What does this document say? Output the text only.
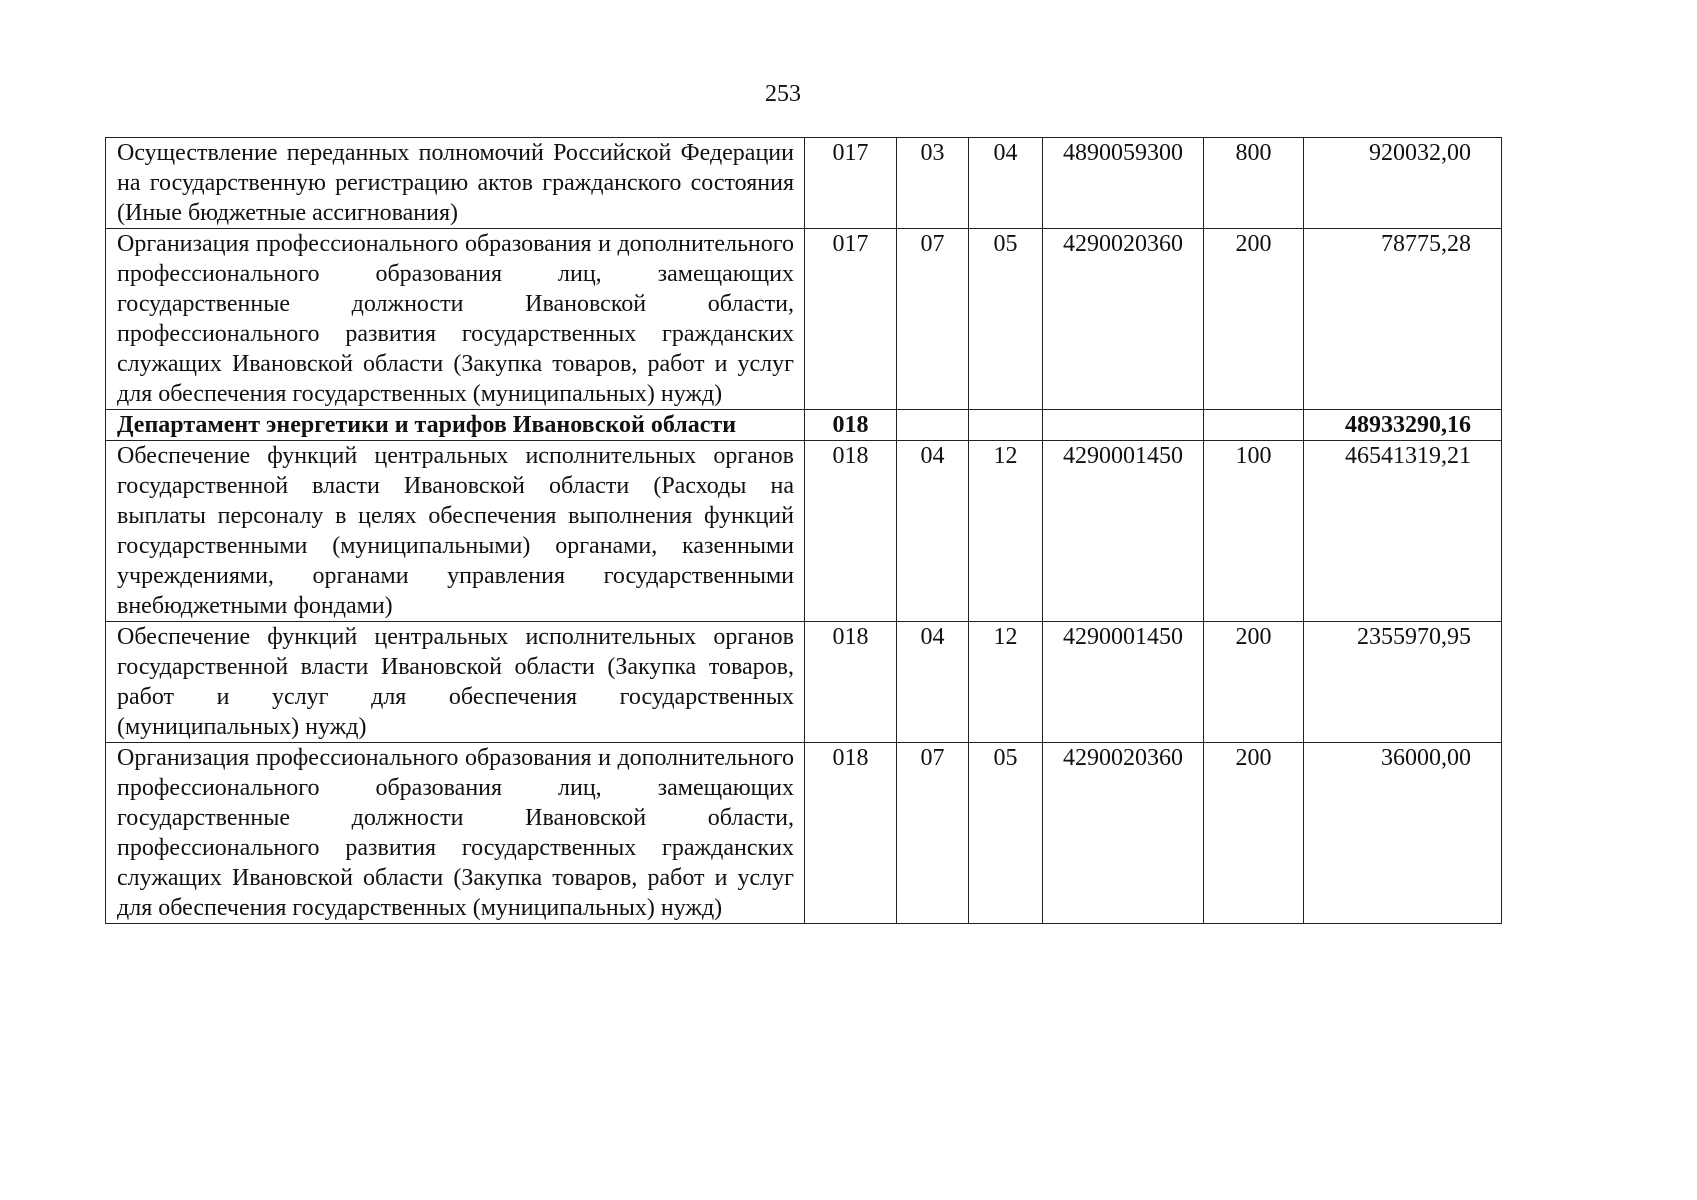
253
Осуществление переданных полномочий Российской Федерации на государственную регистрацию актов гражданского состояния (Иные бюджетные ассигнования)	017	03	04	4890059300	800	920032,00
Организация профессионального образования и дополнительного профессионального образования лиц, замещающих государственные должности Ивановской области, профессионального развития государственных гражданских служащих Ивановской области (Закупка товаров, работ и услуг для обеспечения государственных (муниципальных) нужд)	017	07	05	4290020360	200	78775,28
Департамент энергетики и тарифов Ивановской области	018					48933290,16
Обеспечение функций центральных исполнительных органов государственной власти Ивановской области (Расходы на выплаты персоналу в целях обеспечения выполнения функций государственными (муниципальными) органами, казенными учреждениями, органами управления государственными внебюджетными фондами)	018	04	12	4290001450	100	46541319,21
Обеспечение функций центральных исполнительных органов государственной власти Ивановской области (Закупка товаров, работ и услуг для обеспечения государственных (муниципальных) нужд)	018	04	12	4290001450	200	2355970,95
Организация профессионального образования и дополнительного профессионального образования лиц, замещающих государственные должности Ивановской области, профессионального развития государственных гражданских служащих Ивановской области (Закупка товаров, работ и услуг для обеспечения государственных (муниципальных) нужд)	018	07	05	4290020360	200	36000,00
